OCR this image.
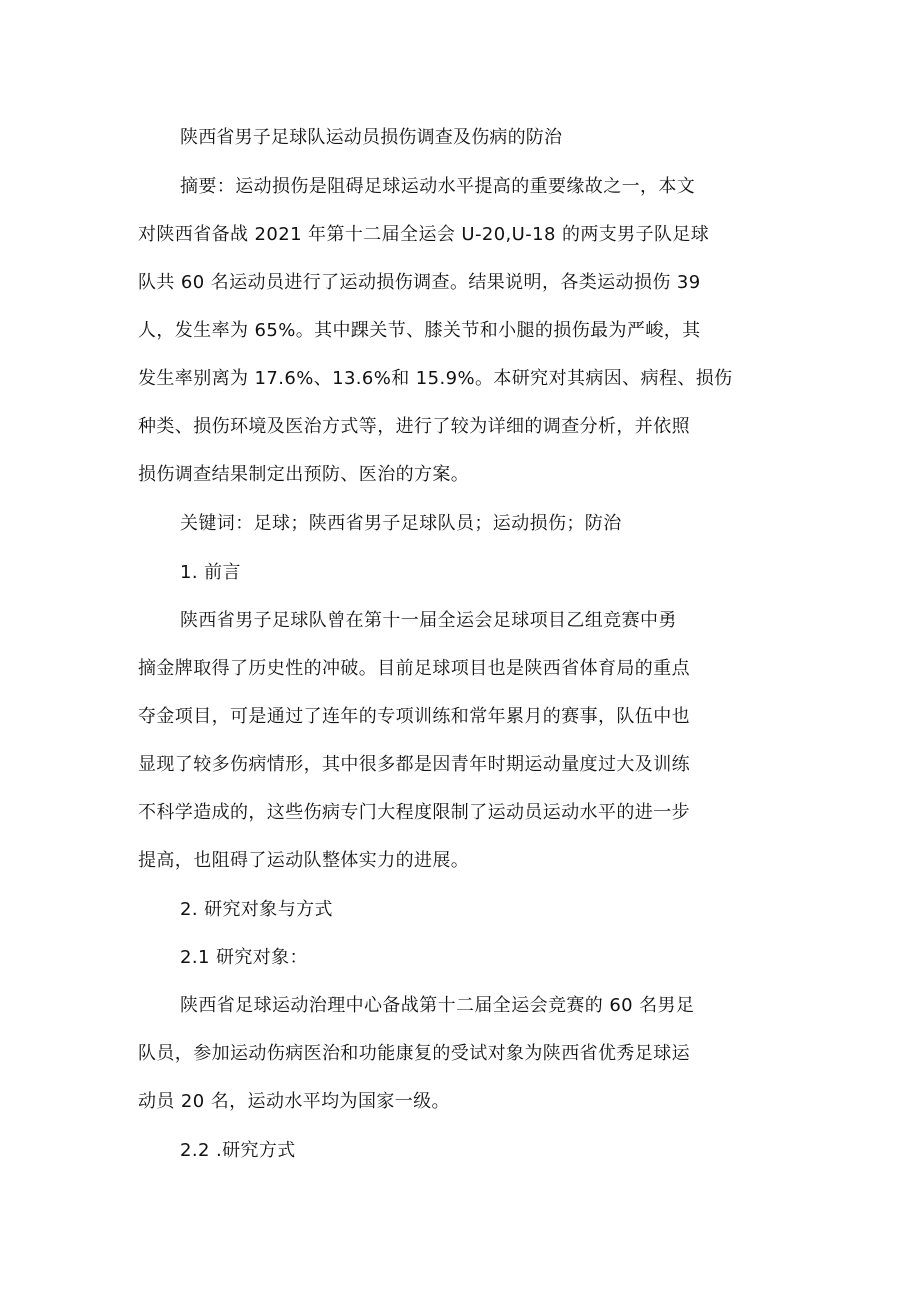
陕西省男子足球队运动员损伤调查及伤病的防治
摘要：运动损伤是阻碍足球运动水平提高的重要缘故之一，本文
对陕西省备战 2021 年第十二届全运会 U-20,U-18 的两支男子队足球
队共 60 名运动员进行了运动损伤调查。结果说明，各类运动损伤 39
人，发生率为 65%。其中踝关节、膝关节和小腿的损伤最为严峻，其
发生率别离为 17.6%、13.6%和 15.9%。本研究对其病因、病程、损伤
种类、损伤环境及医治方式等，进行了较为详细的调查分析，并依照
损伤调查结果制定出预防、医治的方案。
关键词：足球；陕西省男子足球队员；运动损伤；防治
1. 前言
陕西省男子足球队曾在第十一届全运会足球项目乙组竞赛中勇
摘金牌取得了历史性的冲破。目前足球项目也是陕西省体育局的重点
夺金项目，可是通过了连年的专项训练和常年累月的赛事，队伍中也
显现了较多伤病情形，其中很多都是因青年时期运动量度过大及训练
不科学造成的，这些伤病专门大程度限制了运动员运动水平的进一步
提高，也阻碍了运动队整体实力的进展。
2. 研究对象与方式
2.1 研究对象：
陕西省足球运动治理中心备战第十二届全运会竞赛的 60 名男足
队员，参加运动伤病医治和功能康复的受试对象为陕西省优秀足球运
动员 20 名，运动水平均为国家一级。
2.2 .研究方式
